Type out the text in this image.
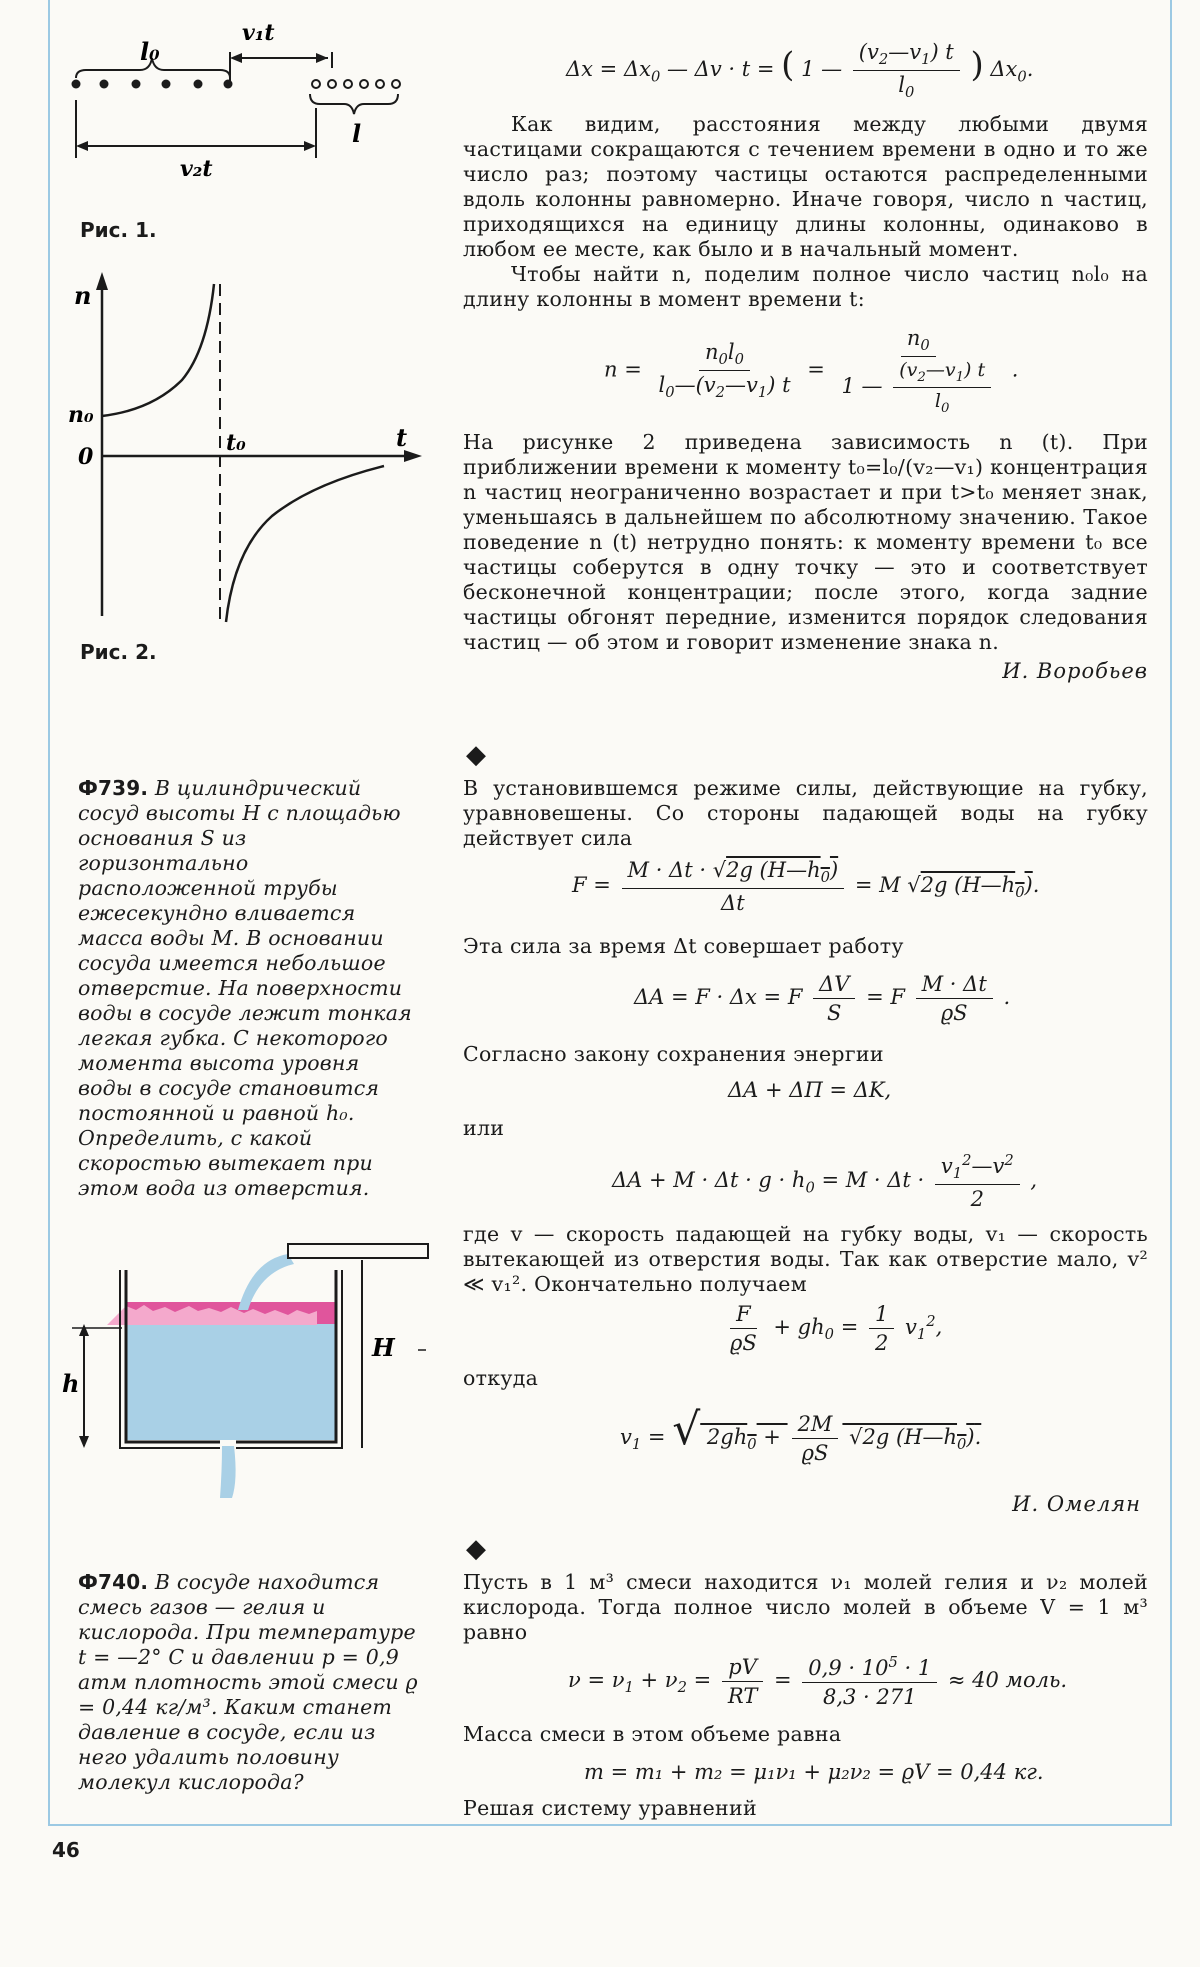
l₀
v₁t
l
v₂t
Рис. 1.
n
n₀
0
t₀	t
Рис. 2.
$\Delta x = \Delta x_0$ — Δv · t = ( 1 — $\frac{(v_2—v_1) t}{l_0}$ ) $\Delta x_0$.

Как видим, расстояния между любыми двумя частицами сокращаются с течением времени в одно и то же число раз; поэтому частицы остаются распределенными вдоль колонны равномерно. Иначе говоря, число n частиц, приходящихся на единицу длины колонны, одинаково в любом ее месте, как было и в начальный момент.

Чтобы найти n, поделим полное число частиц n₀l₀ на длину колонны в момент времени t:

$n = \frac{n_0l_0}{l_0—(v_2—v_1) t} = \frac{n_0}{1 — \frac{(v_2—v_1) t}{l_0}}$ .

На рисунке 2 приведена зависимость n (t). При приближении времени к моменту t₀=l₀/(v₂—v₁) концентрация n частиц неограниченно возрастает и при t>t₀ меняет знак, уменьшаясь в дальнейшем по абсолютному значению. Такое поведение n (t) нетрудно понять: к моменту времени t₀ все частицы соберутся в одну точку — это и соответствует бесконечной концентрации; после этого, когда задние частицы обгонят передние, изменится порядок следования частиц — об этом и говорит изменение знака n.

И. Воробьев
Ф739. В цилиндрический сосуд высоты H с площадью основания S из горизонтально расположенной трубы ежесекундно вливается масса воды M. В основании сосуда имеется небольшое отверстие. На поверхности воды в сосуде лежит тонкая легкая губка. С некоторого момента высота уровня воды в сосуде становится постоянной и равной h₀. Определить, с какой скоростью вытекает при этом вода из отверстия.
H
h
◆

В установившемся режиме силы, действующие на губку, уравновешены. Со стороны падающей воды на губку действует сила

$F = \frac{M \cdot \Delta t \cdot √2g (H—h_0)}{\Delta t} = M$ √2g $(H—h_0)$.

Эта сила за время Δt совершает работу

ΔA = F · Δx = F $\frac{\Delta V}{S} = F \frac{M \cdot \Delta t}{ϱS}$ .

Согласно закону сохранения энергии

ΔA + ΔП = ΔK,

или

$\Delta A + M \cdot \Delta t \cdot g \cdot h_0 = M \cdot \Delta t \cdot \frac{v_1^2—v^2}{2}$ ,

где v — скорость падающей на губку воды, v₁ — скорость вытекающей из отверстия воды. Так как отверстие мало, v² ≪ v₁². Окончательно получаем

$\frac{F}{ϱS} + gh_0 = \frac{1}{2} v_1^2$,

откуда

$v_1$ = √ $2gh_0 + \frac{2M}{ϱS} √2g$ $(H—h_0)$.
И. Омелян
Ф740. В сосуде находится смесь газов — гелия и кислорода. При температуре t = —2° C и давлении p = 0,9 атм плотность этой смеси ϱ = 0,44 кг/м³. Каким станет давление в сосуде, если из него удалить половину молекул кислорода?
◆

Пусть в 1 м³ смеси находится ν₁ молей гелия и ν₂ молей кислорода. Тогда полное число молей в объеме V = 1 м³ равно

$\nu = \nu_1 + \nu_2 = \frac{pV}{RT} = \frac{0,9 \cdot 10^5 \cdot 1}{8,3 \cdot 271} \approx 40$ моль.

Масса смеси в этом объеме равна

m = m₁ + m₂ = μ₁ν₁ + μ₂ν₂ = ϱV = 0,44 кг.

Решая систему уравнений

46
